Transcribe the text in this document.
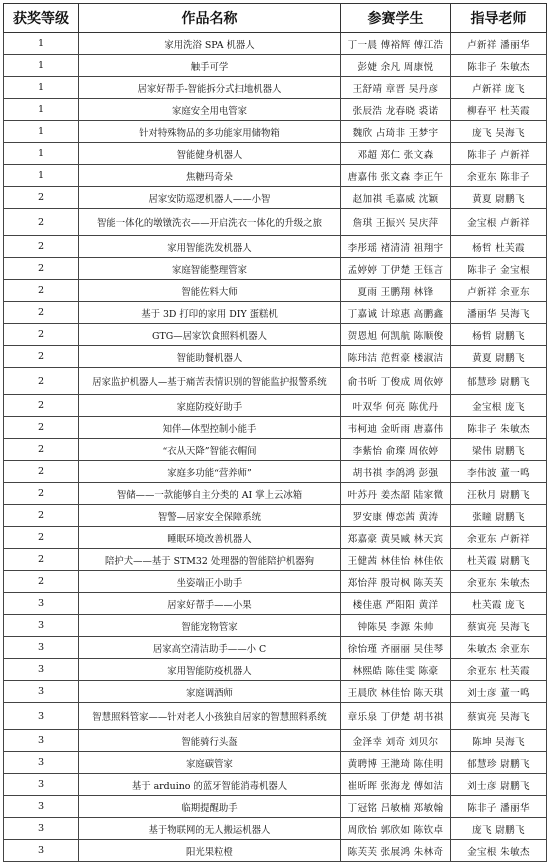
获奖等级	作品名称	参赛学生	指导老师
1	家用洗浴 SPA 机器人	丁一晨 傅裕辉 傅江浩	卢新祥 潘丽华
1	触手可学	彭婕 余凡 周康悦	陈非子 朱敏杰
1	居家好帮手-智能拆分式扫地机器人	王舒靖 章晋 吴丹彦	卢新祥 庞飞
1	家庭安全用电管家	张辰浩 龙春晓 裘诺	柳春平 杜芙霞
1	针对特殊物品的多功能家用储物箱	魏欣 占琦非 王梦宇	庞飞 吴海飞
1	智能健身机器人	邓超 郑仁 张文森	陈非子 卢新祥
1	焦糖玛奇朵	唐嘉伟 张文森 李正午	余亚东 陈非子
2	居家安防巡逻机器人——小智	赵加祺 毛嘉威 沈颖	黄夏 尉鹏飞
2	智能一体化的墩镦洗衣——开启洗衣一体化的升级之旅	詹琪 王振兴 吴庆萍	金宝根 卢新祥
2	家用智能洗发机器人	李彤瑶 褚清清 祖翔宇	杨哲 杜芙霞
2	家庭智能整理管家	孟婷婷 丁伊楚 王钰言	陈非子 金宝根
2	智能佐料大师	夏雨 王鹏翔 林锋	卢新祥 余亚东
2	基于 3D 打印的家用 DIY 蛋糕机	丁嘉诚 计琼惠 高鹏鑫	潘丽华 吴海飞
2	GTG—居家饮食照料机器人	贺恩旭 何凯航 陈顺俊	杨哲 尉鹏飞
2	智能助餐机器人	陈玮洁 范哲豪 楼淑洁	黄夏 尉鹏飞
2	居家监护机器人—基于痛苦表情识别的智能监护报警系统	俞书昕 丁俊成 周依婷	郁慧珍 尉鹏飞
2	家庭防疫好助手	叶双华 何亮 陈优丹	金宝根 庞飞
2	知伴—体型控制小能手	韦柯迪 金昕雨 唐嘉伟	陈非子 朱敏杰
2	“衣从天降”智能衣帽间	李紫怡 俞璨 周依婷	梁伟 尉鹏飞
2	家庭多功能“营养师”	胡书祺 李鸽鸿 彭强	李伟波 董一鸣
2	智储——一款能够自主分类的 AI 掌上云冰箱	叶苏丹 姜杰韶 陆家微	汪秋月 尉鹏飞
2	智警—居家安全保障系统	罗安康 傅恋茜 黄涛	张瞳 尉鹏飞
2	睡眠环境改善机器人	郑嘉豪 黄昊臧 林天宾	余亚东 卢新祥
2	陪护犬——基于 STM32 处理器的智能陪护机器狗	王健茜 林佳怡 林佳依	杜芙霞 尉鹏飞
2	坐姿端正小助手	郑怡萍 殷岢枫 陈芙芙	余亚东 朱敏杰
3	居家好帮手——小果	楼佳惠 严阳阳 黄洋	杜芙霞 庞飞
3	智能宠物管家	钟陈昊 李源 朱帅	蔡寅亮 吴海飞
3	居家高空清洁助手——小 C	徐怡瑾 齐丽丽 吴佳琴	朱敏杰 余亚东
3	家用智能防疫机器人	林熙皓 陈佳雯 陈豪	余亚东 杜芙霞
3	家庭调酒师	王晨欣 林佳怡 陈天琪	刘士彦 董一鸣
3	智慧照料管家——针对老人小孩独自居家的智慧照料系统	章乐泉 丁伊楚 胡书祺	蔡寅亮 吴海飞
3	智能骑行头盔	金泽幸 刘奇 刘贝尔	陈坤 吴海飞
3	家庭碳管家	黄聘博 王滟琦 陈佳明	郁慧珍 尉鹏飞
3	基于 arduino 的蓝牙智能消毒机器人	崔昕晖 张海龙 傅如洁	刘士彦 尉鹏飞
3	临期提醒助手	丁冠铭 吕敏楠 郑敏翰	陈非子 潘丽华
3	基于物联网的无人搬运机器人	周欣怡 郭欣如 陈钦卓	庞飞 尉鹏飞
3	阳光果粒橙	陈芙芙 张展鸿 朱林奇	金宝根 朱敏杰
